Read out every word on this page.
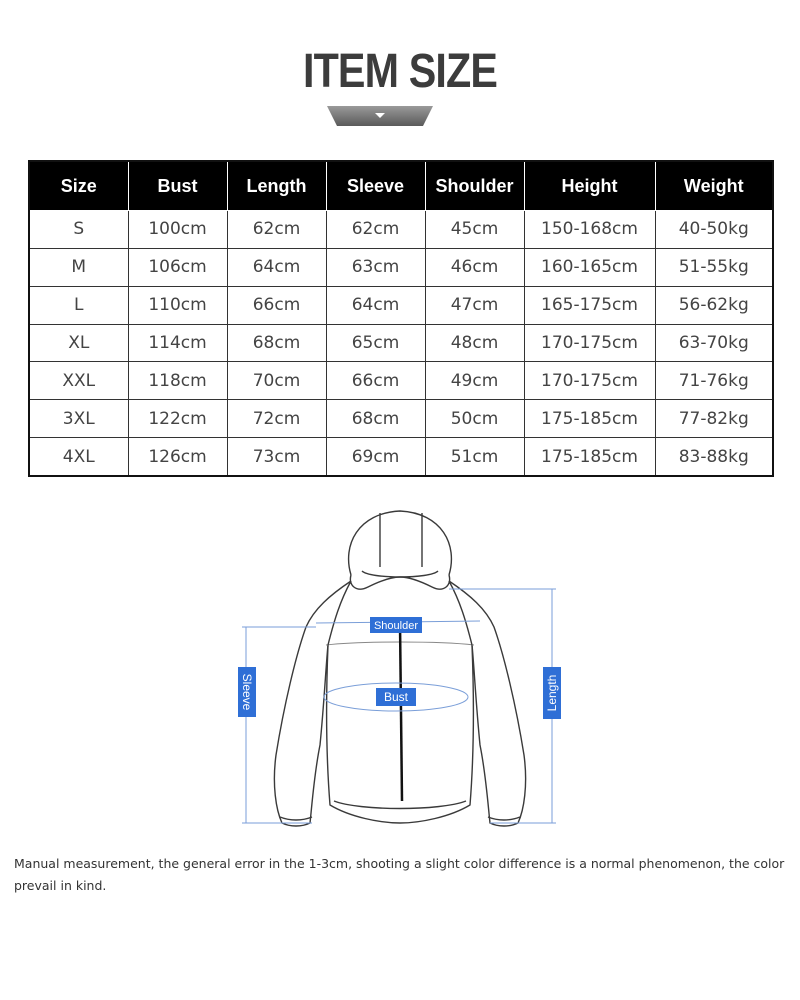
ITEM SIZE
Size	Bust	Length	Sleeve	Shoulder	Height	Weight
S	100cm	62cm	62cm	45cm	150-168cm	40-50kg
M	106cm	64cm	63cm	46cm	160-165cm	51-55kg
L	110cm	66cm	64cm	47cm	165-175cm	56-62kg
XL	114cm	68cm	65cm	48cm	170-175cm	63-70kg
XXL	118cm	70cm	66cm	49cm	170-175cm	71-76kg
3XL	122cm	72cm	68cm	50cm	175-185cm	77-82kg
4XL	126cm	73cm	69cm	51cm	175-185cm	83-88kg
Shoulder
Bust
Sleeve	Length
Manual measurement, the general error in the 1-3cm, shooting a slight color difference is a normal phenomenon, the color prevail in kind.
